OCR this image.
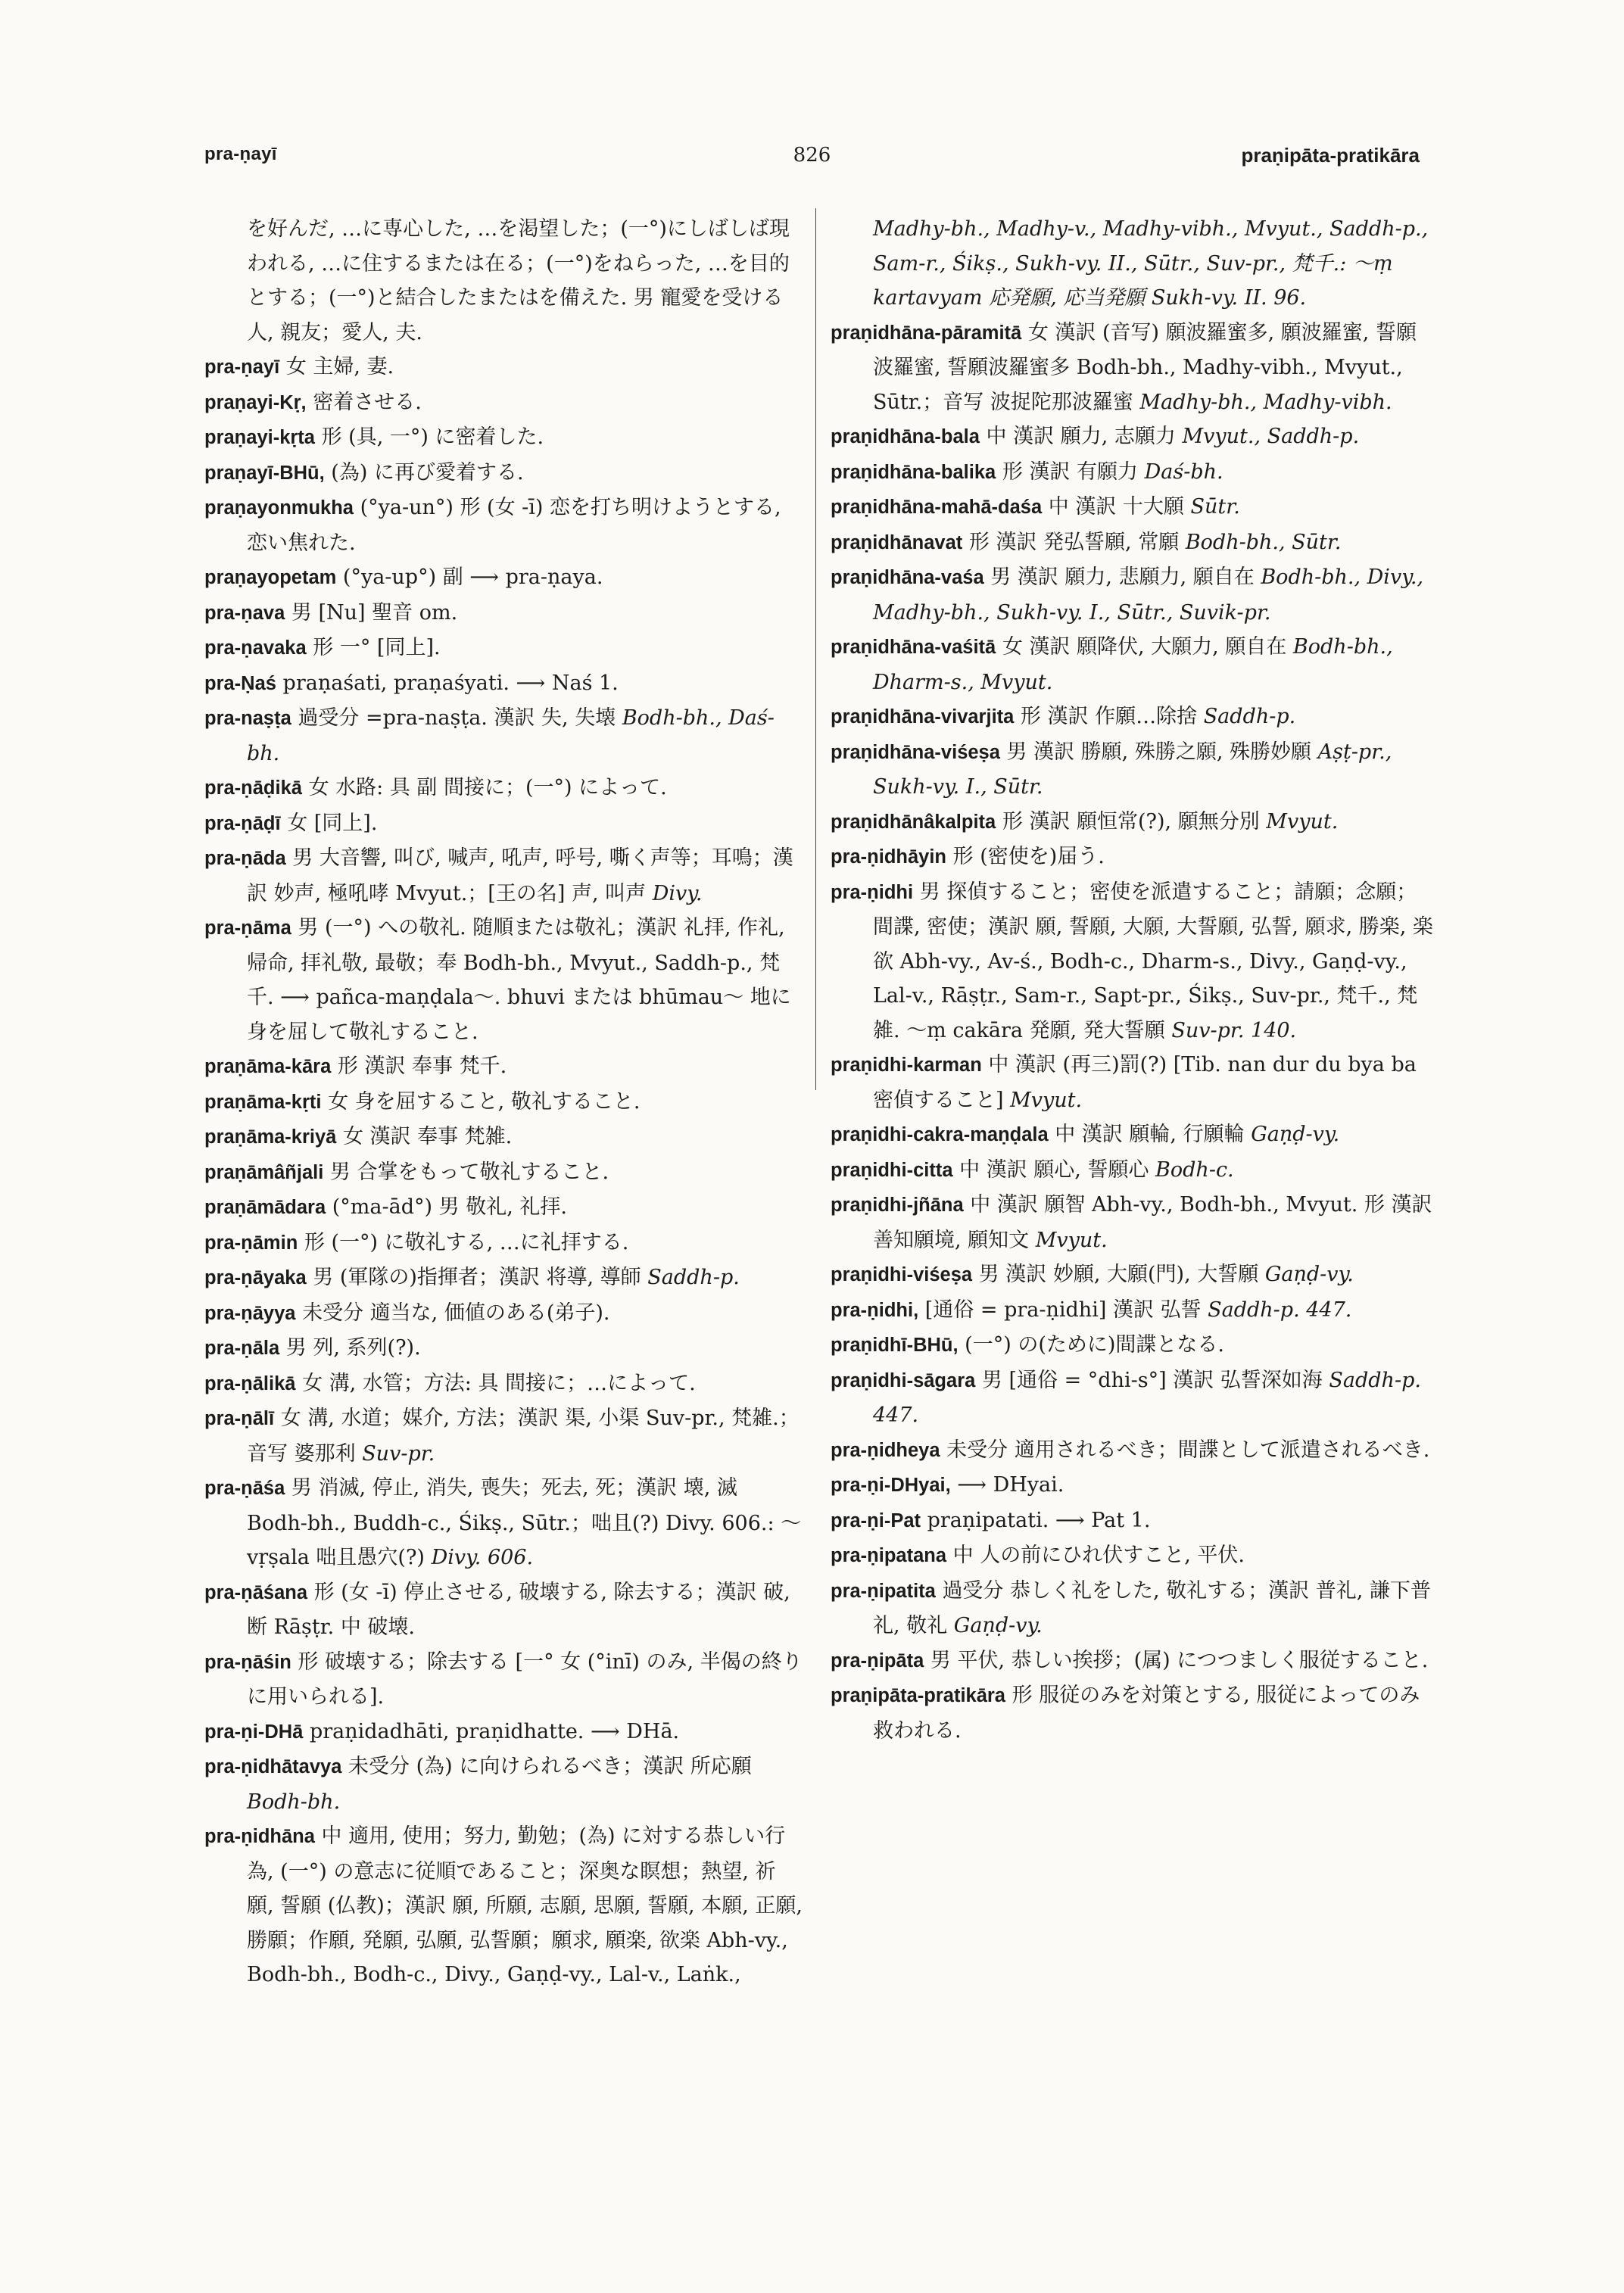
pra-ṇayī	826	praṇipāta-pratikāra

を好んだ, …に専心した, …を渇望した；(一°)にしばしば現われる, …に住するまたは在る；(一°)をねらった, …を目的とする；(一°)と結合したまたはを備えた. 男 寵愛を受ける人, 親友；愛人, 夫.

pra-ṇayī 女 主婦, 妻.

praṇayi-Kṛ, 密着させる.

praṇayi-kṛta 形 (具, 一°) に密着した.

praṇayī-BHū, (為) に再び愛着する.

praṇayonmukha (°ya-un°) 形 (女 -ī) 恋を打ち明けようとする, 恋い焦れた.

praṇayopetam (°ya-up°) 副 ⟶ pra-ṇaya.

pra-ṇava 男 [Nu] 聖音 om.

pra-ṇavaka 形 一° [同上].

pra-Ṇaś praṇaśati, praṇaśyati. ⟶ Naś 1.

pra-naṣṭa 過受分 =pra-naṣṭa. 漢訳 失, 失壊 Bodh-bh., Daś-bh.

pra-ṇāḍikā 女 水路: 具 副 間接に；(一°) によって.

pra-ṇāḍī 女 [同上].

pra-ṇāda 男 大音響, 叫び, 喊声, 吼声, 呼号, 嘶く声等；耳鳴；漢訳 妙声, 極吼哮 Mvyut.；[王の名] 声, 叫声 Divy.

pra-ṇāma 男 (一°) への敬礼. 随順または敬礼；漢訳 礼拝, 作礼, 帰命, 拝礼敬, 最敬；奉 Bodh-bh., Mvyut., Saddh-p., 梵千. ⟶ pañca-maṇḍala～. bhuvi または bhūmau～ 地に身を屈して敬礼すること.

praṇāma-kāra 形 漢訳 奉事 梵千.

praṇāma-kṛti 女 身を屈すること, 敬礼すること.

praṇāma-kriyā 女 漢訳 奉事 梵雑.

praṇāmâñjali 男 合掌をもって敬礼すること.

praṇāmādara (°ma-ād°) 男 敬礼, 礼拝.

pra-ṇāmin 形 (一°) に敬礼する, …に礼拝する.

pra-ṇāyaka 男 (軍隊の)指揮者；漢訳 将導, 導師 Saddh-p.

pra-ṇāyya 未受分 適当な, 価値のある(弟子).

pra-ṇāla 男 列, 系列(?).

pra-ṇālikā 女 溝, 水管；方法: 具 間接に；…によって.

pra-ṇālī 女 溝, 水道；媒介, 方法；漢訳 渠, 小渠 Suv-pr., 梵雑.；音写 婆那利 Suv-pr.

pra-ṇāśa 男 消滅, 停止, 消失, 喪失；死去, 死；漢訳 壊, 滅 Bodh-bh., Buddh-c., Śikṣ., Sūtr.；咄且(?) Divy. 606.: ～vṛṣala 咄且愚穴(?) Divy. 606.

pra-ṇāśana 形 (女 -ī) 停止させる, 破壊する, 除去する；漢訳 破, 断 Rāṣṭr. 中 破壊.

pra-ṇāśin 形 破壊する；除去する [一° 女 (°inī) のみ, 半偈の終りに用いられる].

pra-ṇi-DHā praṇidadhāti, praṇidhatte. ⟶ DHā.

pra-ṇidhātavya 未受分 (為) に向けられるべき；漢訳 所応願 Bodh-bh.

pra-ṇidhāna 中 適用, 使用；努力, 勤勉；(為) に対する恭しい行為, (一°) の意志に従順であること；深奥な瞑想；熱望, 祈願, 誓願 (仏教)；漢訳 願, 所願, 志願, 思願, 誓願, 本願, 正願, 勝願；作願, 発願, 弘願, 弘誓願；願求, 願楽, 欲楽 Abh-vy., Bodh-bh., Bodh-c., Divy., Gaṇḍ-vy., Lal-v., Laṅk.,

Madhy-bh., Madhy-v., Madhy-vibh., Mvyut., Saddh-p., Sam-r., Śikṣ., Sukh-vy. II., Sūtr., Suv-pr., 梵千.: ～ṃ kartavyam 応発願, 応当発願 Sukh-vy. II. 96.

praṇidhāna-pāramitā 女 漢訳 (音写) 願波羅蜜多, 願波羅蜜, 誓願波羅蜜, 誓願波羅蜜多 Bodh-bh., Madhy-vibh., Mvyut., Sūtr.；音写 波捉陀那波羅蜜 Madhy-bh., Madhy-vibh.

praṇidhāna-bala 中 漢訳 願力, 志願力 Mvyut., Saddh-p.

praṇidhāna-balika 形 漢訳 有願力 Daś-bh.

praṇidhāna-mahā-daśa 中 漢訳 十大願 Sūtr.

praṇidhānavat 形 漢訳 発弘誓願, 常願 Bodh-bh., Sūtr.

praṇidhāna-vaśa 男 漢訳 願力, 悲願力, 願自在 Bodh-bh., Divy., Madhy-bh., Sukh-vy. I., Sūtr., Suvik-pr.

praṇidhāna-vaśitā 女 漢訳 願降伏, 大願力, 願自在 Bodh-bh., Dharm-s., Mvyut.

praṇidhāna-vivarjita 形 漢訳 作願…除捨 Saddh-p.

praṇidhāna-viśeṣa 男 漢訳 勝願, 殊勝之願, 殊勝妙願 Aṣṭ-pr., Sukh-vy. I., Sūtr.

praṇidhānâkalpita 形 漢訳 願恒常(?), 願無分別 Mvyut.

pra-ṇidhāyin 形 (密使を)届う.

pra-ṇidhi 男 探偵すること；密使を派遣すること；請願；念願；間諜, 密使；漢訳 願, 誓願, 大願, 大誓願, 弘誓, 願求, 勝楽, 楽欲 Abh-vy., Av-ś., Bodh-c., Dharm-s., Divy., Gaṇḍ-vy., Lal-v., Rāṣṭr., Sam-r., Sapt-pr., Śikṣ., Suv-pr., 梵千., 梵雑. ～ṃ cakāra 発願, 発大誓願 Suv-pr. 140.

praṇidhi-karman 中 漢訳 (再三)罰(?) [Tib. nan dur du bya ba 密偵すること] Mvyut.

praṇidhi-cakra-maṇḍala 中 漢訳 願輪, 行願輪 Gaṇḍ-vy.

praṇidhi-citta 中 漢訳 願心, 誓願心 Bodh-c.

praṇidhi-jñāna 中 漢訳 願智 Abh-vy., Bodh-bh., Mvyut. 形 漢訳 善知願境, 願知文 Mvyut.

praṇidhi-viśeṣa 男 漢訳 妙願, 大願(門), 大誓願 Gaṇḍ-vy.

pra-ṇidhi, [通俗 = pra-ṇidhi] 漢訳 弘誓 Saddh-p. 447.

praṇidhī-BHū, (一°) の(ために)間諜となる.

praṇidhi-sāgara 男 [通俗 = °dhi-s°] 漢訳 弘誓深如海 Saddh-p. 447.

pra-ṇidheya 未受分 適用されるべき；間諜として派遣されるべき.

pra-ṇi-DHyai, ⟶ DHyai.

pra-ṇi-Pat praṇipatati. ⟶ Pat 1.

pra-ṇipatana 中 人の前にひれ伏すこと, 平伏.

pra-ṇipatita 過受分 恭しく礼をした, 敬礼する；漢訳 普礼, 謙下普礼, 敬礼 Gaṇḍ-vy.

pra-ṇipāta 男 平伏, 恭しい挨拶；(属) につつましく服従すること.

praṇipāta-pratikāra 形 服従のみを対策とする, 服従によってのみ救われる.
